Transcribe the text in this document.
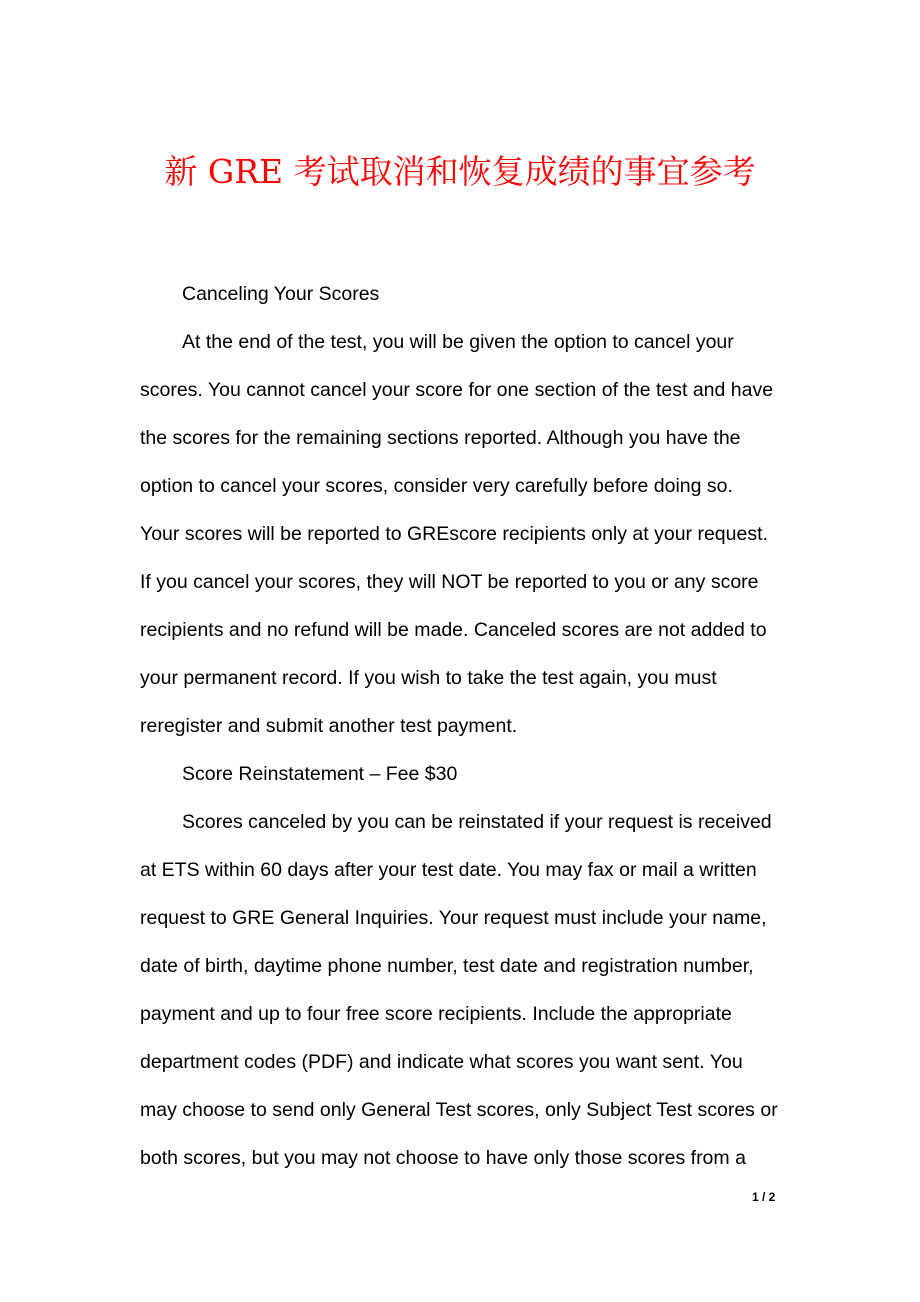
新 GRE 考试取消和恢复成绩的事宜参考
Canceling Your Scores
At the end of the test, you will be given the option to cancel your
scores. You cannot cancel your score for one section of the test and have
the scores for the remaining sections reported. Although you have the
option to cancel your scores, consider very carefully before doing so.
Your scores will be reported to GREscore recipients only at your request.
If you cancel your scores, they will NOT be reported to you or any score
recipients and no refund will be made. Canceled scores are not added to
your permanent record. If you wish to take the test again, you must
reregister and submit another test payment.
Score Reinstatement – Fee $30
Scores canceled by you can be reinstated if your request is received
at ETS within 60 days after your test date. You may fax or mail a written
request to GRE General Inquiries. Your request must include your name,
date of birth, daytime phone number, test date and registration number,
payment and up to four free score recipients. Include the appropriate
department codes (PDF) and indicate what scores you want sent. You
may choose to send only General Test scores, only Subject Test scores or
both scores, but you may not choose to have only those scores from a
1 / 2
